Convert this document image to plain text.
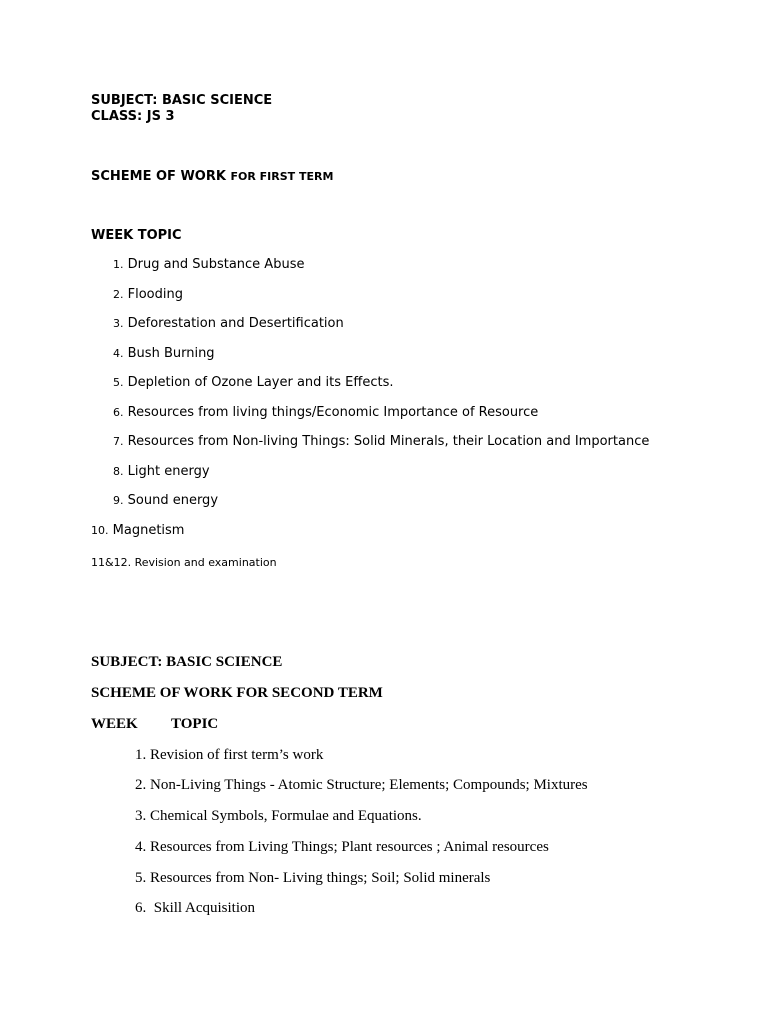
SUBJECT: BASIC SCIENCE
CLASS: JS 3
SCHEME OF WORK FOR FIRST TERM
WEEK TOPIC
1. Drug and Substance Abuse
2. Flooding
3. Deforestation and Desertification
4. Bush Burning
5. Depletion of Ozone Layer and its Effects.
6. Resources from living things/Economic Importance of Resource
7. Resources from Non-living Things: Solid Minerals, their Location and Importance
8. Light energy
9. Sound energy
10. Magnetism
11&12. Revision and examination
SUBJECT: BASIC SCIENCE
SCHEME OF WORK FOR SECOND TERM
WEEK TOPIC
1. Revision of first term’s work
2. Non-Living Things - Atomic Structure; Elements; Compounds; Mixtures
3. Chemical Symbols, Formulae and Equations.
4. Resources from Living Things; Plant resources ; Animal resources
5. Resources from Non- Living things; Soil; Solid minerals
6.  Skill Acquisition
